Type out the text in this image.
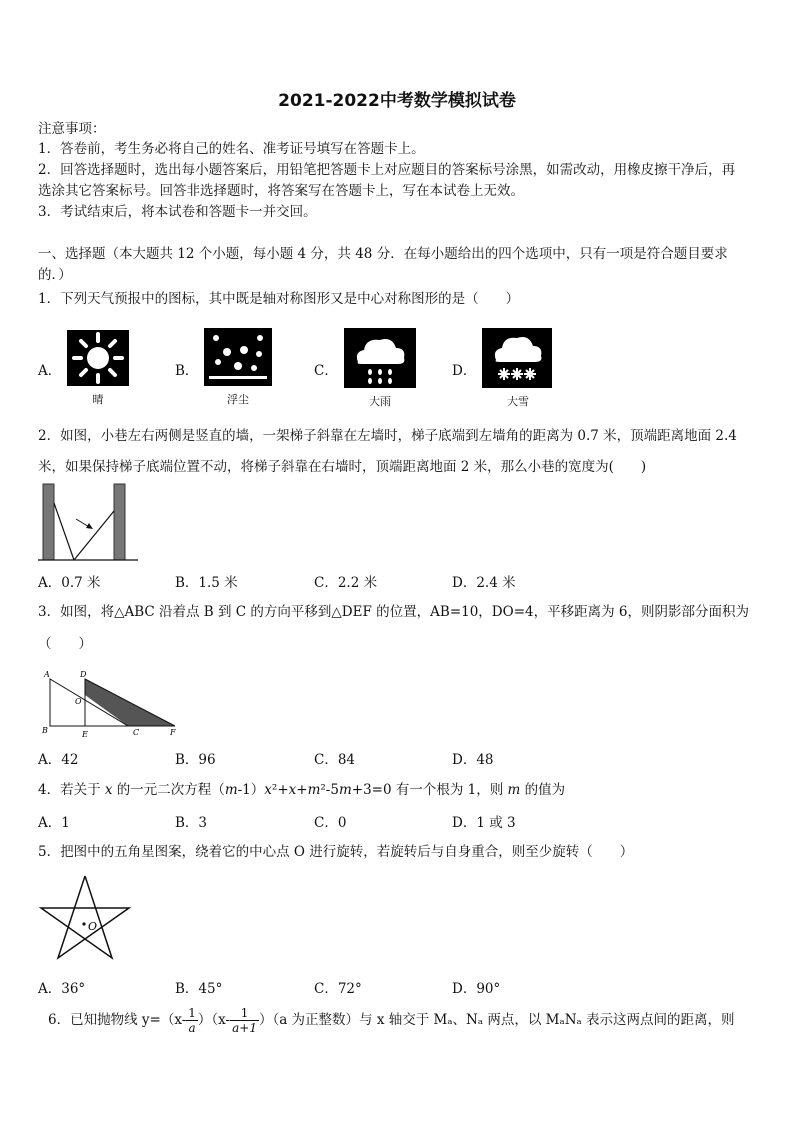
2021-2022中考数学模拟试卷
注意事项：
1．答卷前，考生务必将自己的姓名、准考证号填写在答题卡上。
2．回答选择题时，选出每小题答案后，用铅笔把答题卡上对应题目的答案标号涂黑，如需改动，用橡皮擦干净后，再
选涂其它答案标号。回答非选择题时，将答案写在答题卡上，写在本试卷上无效。
3．考试结束后，将本试卷和答题卡一并交回。
一、选择题（本大题共 12 个小题，每小题 4 分，共 48 分．在每小题给出的四个选项中，只有一项是符合题目要求
的．）
1．下列天气预报中的图标，其中既是轴对称图形又是中心对称图形的是（　　）
A．
晴
B．
浮尘
C．
大雨
D．
大雪
2．如图，小巷左右两侧是竖直的墙，一架梯子斜靠在左墙时，梯子底端到左墙角的距离为 0.7 米，顶端距离地面 2.4
米，如果保持梯子底端位置不动，将梯子斜靠在右墙时，顶端距离地面 2 米，那么小巷的宽度为(　　)
A．0.7 米	B．1.5 米	C．2.2 米	D．2.4 米
3．如图，将△ABC 沿着点 B 到 C 的方向平移到△DEF 的位置，AB=10，DO=4，平移距离为 6，则阴影部分面积为
（　　）
A	D
O
B	E	C	F
A．42	B．96	C．84	D．48
4．若关于 x 的一元二次方程（m-1）x²+x+m²-5m+3=0 有一个根为 1，则 m 的值为
A．1	B．3	C．0	D．1 或 3
5．把图中的五角星图案，绕着它的中心点 O 进行旋转，若旋转后与自身重合，则至少旋转（　　）
O
A．36°	B．45°	C．72°	D．90°
6．已知抛物线 $y=(x- \frac{1}{a} )(x- \frac{1}{a+1} )(a$ 为正整数）与 x 轴交于 Mₐ、Nₐ 两点，以 MₐNₐ 表示这两点间的距离，则
